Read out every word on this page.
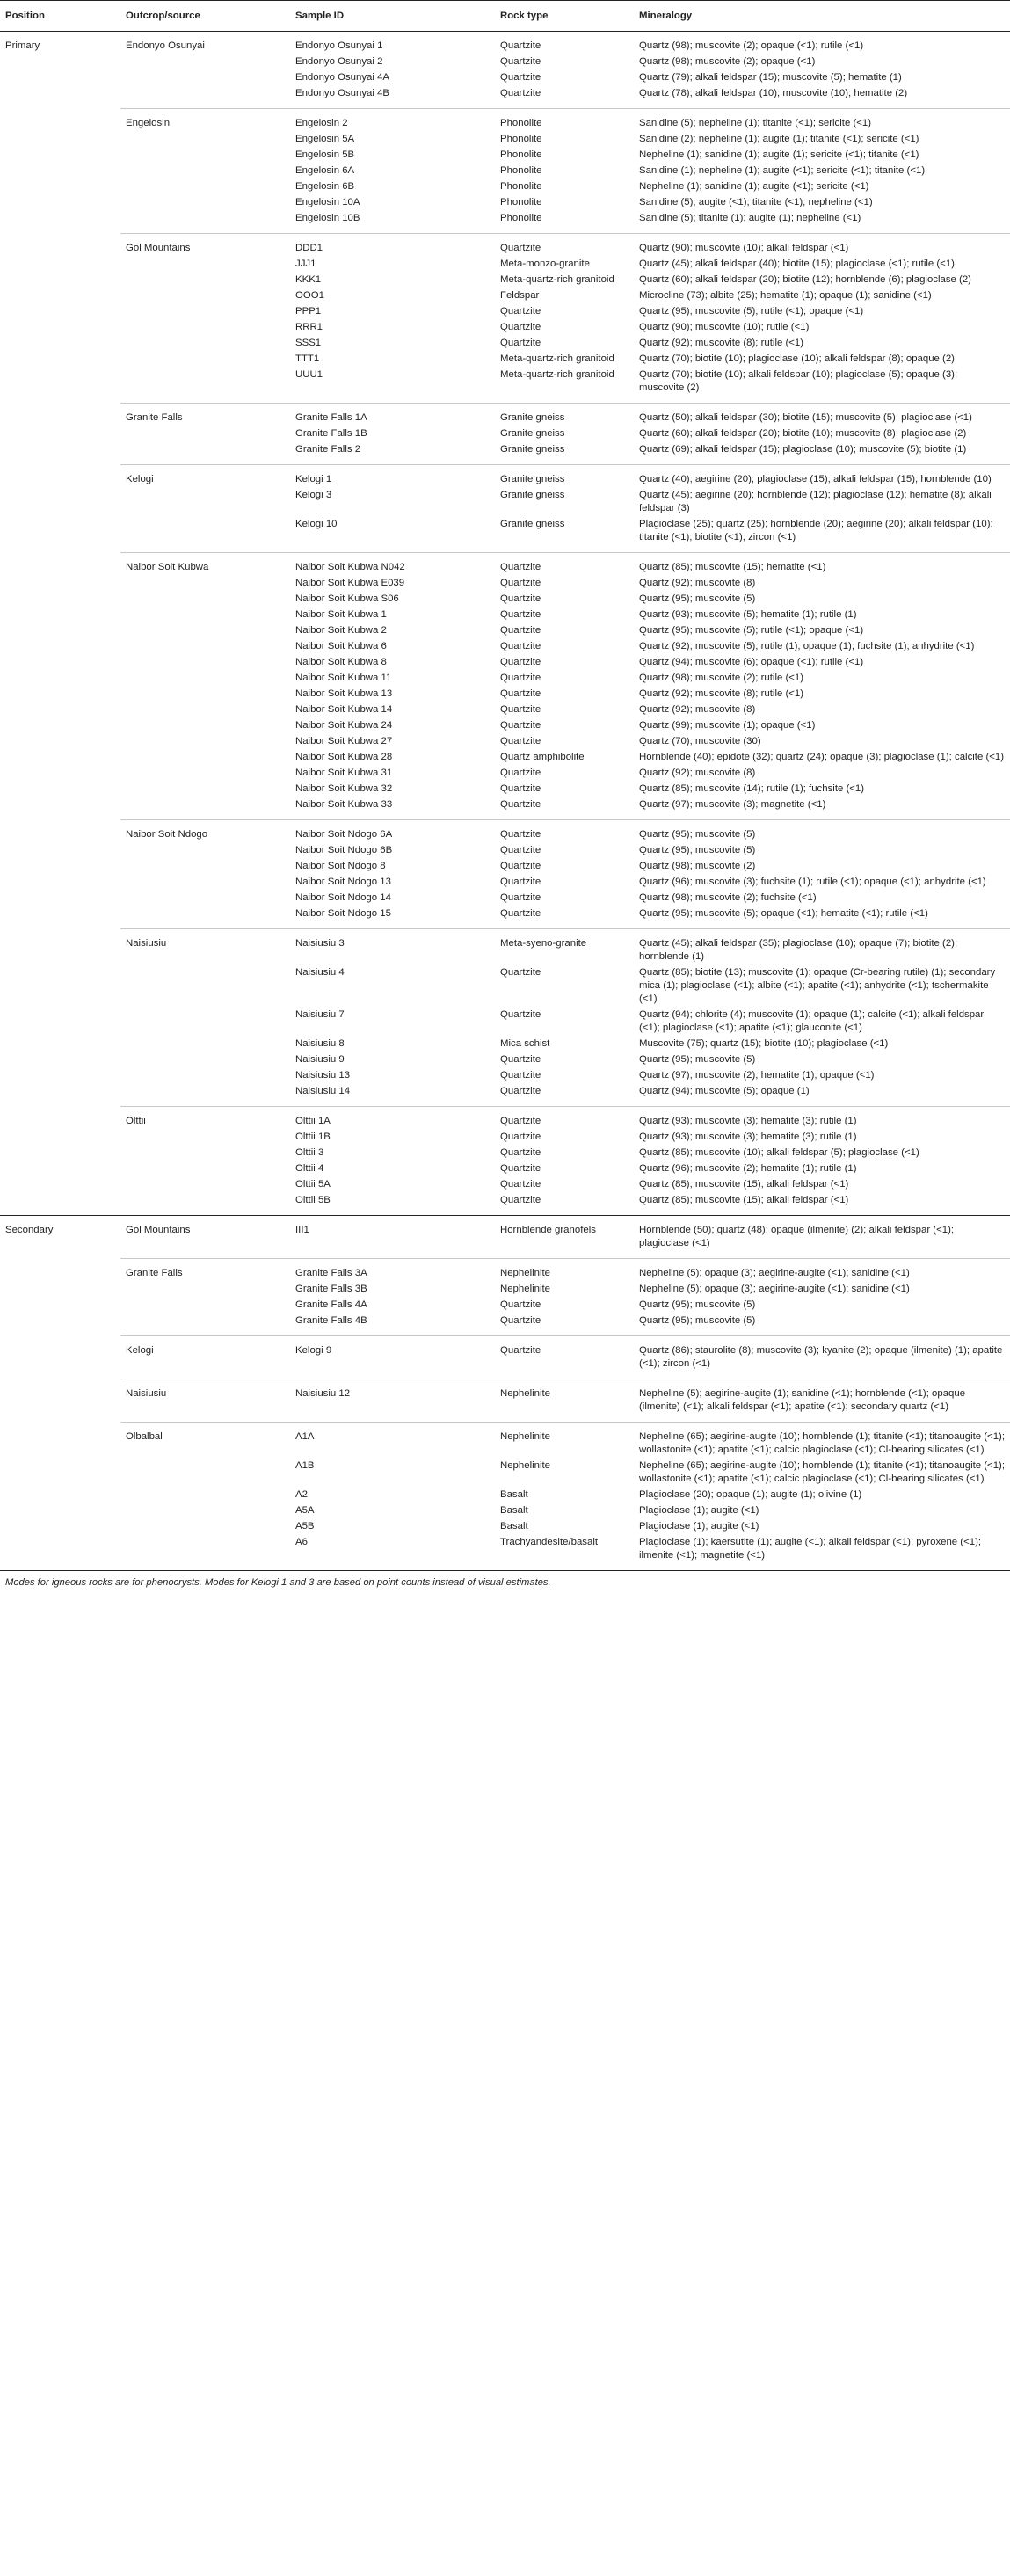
Position	Outcrop/source	Sample ID	Rock type	Mineralogy
Primary	Endonyo Osunyai	Endonyo Osunyai 1	Quartzite	Quartz (98); muscovite (2); opaque (<1); rutile (<1)
		Endonyo Osunyai 2	Quartzite	Quartz (98); muscovite (2); opaque (<1)
		Endonyo Osunyai 4A	Quartzite	Quartz (79); alkali feldspar (15); muscovite (5); hematite (1)
		Endonyo Osunyai 4B	Quartzite	Quartz (78); alkali feldspar (10); muscovite (10); hematite (2)
	Engelosin	Engelosin 2	Phonolite	Sanidine (5); nepheline (1); titanite (<1); sericite (<1)
		Engelosin 5A	Phonolite	Sanidine (2); nepheline (1); augite (1); titanite (<1); sericite (<1)
		Engelosin 5B	Phonolite	Nepheline (1); sanidine (1); augite (1); sericite (<1); titanite (<1)
		Engelosin 6A	Phonolite	Sanidine (1); nepheline (1); augite (<1); sericite (<1); titanite (<1)
		Engelosin 6B	Phonolite	Nepheline (1); sanidine (1); augite (<1); sericite (<1)
		Engelosin 10A	Phonolite	Sanidine (5); augite (<1); titanite (<1); nepheline (<1)
		Engelosin 10B	Phonolite	Sanidine (5); titanite (1); augite (1); nepheline (<1)
	Gol Mountains	DDD1	Quartzite	Quartz (90); muscovite (10); alkali feldspar (<1)
		JJJ1	Meta-monzo-granite	Quartz (45); alkali feldspar (40); biotite (15); plagioclase (<1); rutile (<1)
		KKK1	Meta-quartz-rich granitoid	Quartz (60); alkali feldspar (20); biotite (12); hornblende (6); plagioclase (2)
		OOO1	Feldspar	Microcline (73); albite (25); hematite (1); opaque (1); sanidine (<1)
		PPP1	Quartzite	Quartz (95); muscovite (5); rutile (<1); opaque (<1)
		RRR1	Quartzite	Quartz (90); muscovite (10); rutile (<1)
		SSS1	Quartzite	Quartz (92); muscovite (8); rutile (<1)
		TTT1	Meta-quartz-rich granitoid	Quartz (70); biotite (10); plagioclase (10); alkali feldspar (8); opaque (2)
		UUU1	Meta-quartz-rich granitoid	Quartz (70); biotite (10); alkali feldspar (10); plagioclase (5); opaque (3); muscovite (2)
	Granite Falls	Granite Falls 1A	Granite gneiss	Quartz (50); alkali feldspar (30); biotite (15); muscovite (5); plagioclase (<1)
		Granite Falls 1B	Granite gneiss	Quartz (60); alkali feldspar (20); biotite (10); muscovite (8); plagioclase (2)
		Granite Falls 2	Granite gneiss	Quartz (69); alkali feldspar (15); plagioclase (10); muscovite (5); biotite (1)
	Kelogi	Kelogi 1	Granite gneiss	Quartz (40); aegirine (20); plagioclase (15); alkali feldspar (15); hornblende (10)
		Kelogi 3	Granite gneiss	Quartz (45); aegirine (20); hornblende (12); plagioclase (12); hematite (8); alkali feldspar (3)
		Kelogi 10	Granite gneiss	Plagioclase (25); quartz (25); hornblende (20); aegirine (20); alkali feldspar (10); titanite (<1); biotite (<1); zircon (<1)
	Naibor Soit Kubwa	Naibor Soit Kubwa N042	Quartzite	Quartz (85); muscovite (15); hematite (<1)
		Naibor Soit Kubwa E039	Quartzite	Quartz (92); muscovite (8)
		Naibor Soit Kubwa S06	Quartzite	Quartz (95); muscovite (5)
		Naibor Soit Kubwa 1	Quartzite	Quartz (93); muscovite (5); hematite (1); rutile (1)
		Naibor Soit Kubwa 2	Quartzite	Quartz (95); muscovite (5); rutile (<1); opaque (<1)
		Naibor Soit Kubwa 6	Quartzite	Quartz (92); muscovite (5); rutile (1); opaque (1); fuchsite (1); anhydrite (<1)
		Naibor Soit Kubwa 8	Quartzite	Quartz (94); muscovite (6); opaque (<1); rutile (<1)
		Naibor Soit Kubwa 11	Quartzite	Quartz (98); muscovite (2); rutile (<1)
		Naibor Soit Kubwa 13	Quartzite	Quartz (92); muscovite (8); rutile (<1)
		Naibor Soit Kubwa 14	Quartzite	Quartz (92); muscovite (8)
		Naibor Soit Kubwa 24	Quartzite	Quartz (99); muscovite (1); opaque (<1)
		Naibor Soit Kubwa 27	Quartzite	Quartz (70); muscovite (30)
		Naibor Soit Kubwa 28	Quartz amphibolite	Hornblende (40); epidote (32); quartz (24); opaque (3); plagioclase (1); calcite (<1)
		Naibor Soit Kubwa 31	Quartzite	Quartz (92); muscovite (8)
		Naibor Soit Kubwa 32	Quartzite	Quartz (85); muscovite (14); rutile (1); fuchsite (<1)
		Naibor Soit Kubwa 33	Quartzite	Quartz (97); muscovite (3); magnetite (<1)
	Naibor Soit Ndogo	Naibor Soit Ndogo 6A	Quartzite	Quartz (95); muscovite (5)
		Naibor Soit Ndogo 6B	Quartzite	Quartz (95); muscovite (5)
		Naibor Soit Ndogo 8	Quartzite	Quartz (98); muscovite (2)
		Naibor Soit Ndogo 13	Quartzite	Quartz (96); muscovite (3); fuchsite (1); rutile (<1); opaque (<1); anhydrite (<1)
		Naibor Soit Ndogo 14	Quartzite	Quartz (98); muscovite (2); fuchsite (<1)
		Naibor Soit Ndogo 15	Quartzite	Quartz (95); muscovite (5); opaque (<1); hematite (<1); rutile (<1)
	Naisiusiu	Naisiusiu 3	Meta-syeno-granite	Quartz (45); alkali feldspar (35); plagioclase (10); opaque (7); biotite (2); hornblende (1)
		Naisiusiu 4	Quartzite	Quartz (85); biotite (13); muscovite (1); opaque (Cr-bearing rutile) (1); secondary mica (1); plagioclase (<1); albite (<1); apatite (<1); anhydrite (<1); tschermakite (<1)
		Naisiusiu 7	Quartzite	Quartz (94); chlorite (4); muscovite (1); opaque (1); calcite (<1); alkali feldspar (<1); plagioclase (<1); apatite (<1); glauconite (<1)
		Naisiusiu 8	Mica schist	Muscovite (75); quartz (15); biotite (10); plagioclase (<1)
		Naisiusiu 9	Quartzite	Quartz (95); muscovite (5)
		Naisiusiu 13	Quartzite	Quartz (97); muscovite (2); hematite (1); opaque (<1)
		Naisiusiu 14	Quartzite	Quartz (94); muscovite (5); opaque (1)
	Olttii	Olttii 1A	Quartzite	Quartz (93); muscovite (3); hematite (3); rutile (1)
		Olttii 1B	Quartzite	Quartz (93); muscovite (3); hematite (3); rutile (1)
		Olttii 3	Quartzite	Quartz (85); muscovite (10); alkali feldspar (5); plagioclase (<1)
		Olttii 4	Quartzite	Quartz (96); muscovite (2); hematite (1); rutile (1)
		Olttii 5A	Quartzite	Quartz (85); muscovite (15); alkali feldspar (<1)
		Olttii 5B	Quartzite	Quartz (85); muscovite (15); alkali feldspar (<1)
Secondary	Gol Mountains	III1	Hornblende granofels	Hornblende (50); quartz (48); opaque (ilmenite) (2); alkali feldspar (<1); plagioclase (<1)
	Granite Falls	Granite Falls 3A	Nephelinite	Nepheline (5); opaque (3); aegirine-augite (<1); sanidine (<1)
		Granite Falls 3B	Nephelinite	Nepheline (5); opaque (3); aegirine-augite (<1); sanidine (<1)
		Granite Falls 4A	Quartzite	Quartz (95); muscovite (5)
		Granite Falls 4B	Quartzite	Quartz (95); muscovite (5)
	Kelogi	Kelogi 9	Quartzite	Quartz (86); staurolite (8); muscovite (3); kyanite (2); opaque (ilmenite) (1); apatite (<1); zircon (<1)
	Naisiusiu	Naisiusiu 12	Nephelinite	Nepheline (5); aegirine-augite (1); sanidine (<1); hornblende (<1); opaque (ilmenite) (<1); alkali feldspar (<1); apatite (<1); secondary quartz (<1)
	Olbalbal	A1A	Nephelinite	Nepheline (65); aegirine-augite (10); hornblende (1); titanite (<1); titanoaugite (<1); wollastonite (<1); apatite (<1); calcic plagioclase (<1); Cl-bearing silicates (<1)
		A1B	Nephelinite	Nepheline (65); aegirine-augite (10); hornblende (1); titanite (<1); titanoaugite (<1); wollastonite (<1); apatite (<1); calcic plagioclase (<1); Cl-bearing silicates (<1)
		A2	Basalt	Plagioclase (20); opaque (1); augite (1); olivine (1)
		A5A	Basalt	Plagioclase (1); augite (<1)
		A5B	Basalt	Plagioclase (1); augite (<1)
		A6	Trachyandesite/basalt	Plagioclase (1); kaersutite (1); augite (<1); alkali feldspar (<1); pyroxene (<1); ilmenite (<1); magnetite (<1)
Modes for igneous rocks are for phenocrysts. Modes for Kelogi 1 and 3 are based on point counts instead of visual estimates.
